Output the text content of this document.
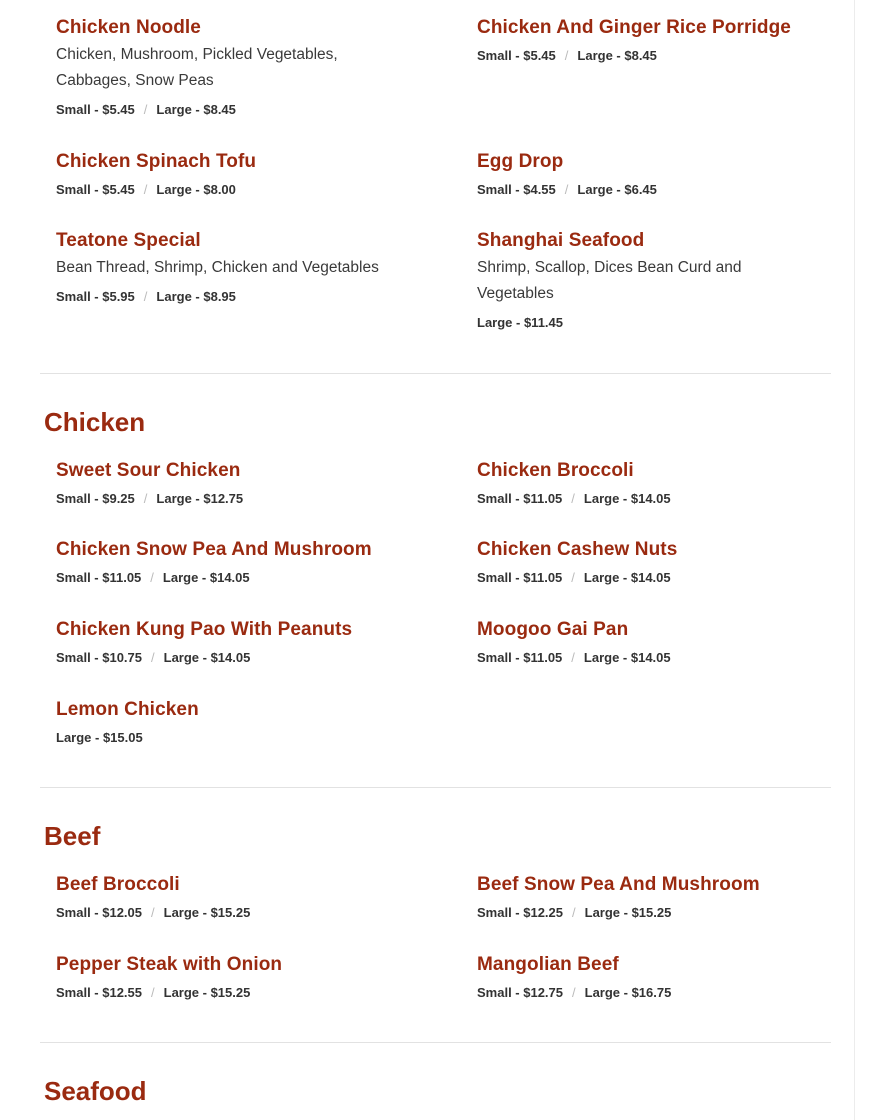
Chicken Noodle
Chicken, Mushroom, Pickled Vegetables, Cabbages, Snow Peas
Small - $5.45 / Large - $8.45
Chicken And Ginger Rice Porridge
Small - $5.45 / Large - $8.45
Chicken Spinach Tofu
Small - $5.45 / Large - $8.00
Egg Drop
Small - $4.55 / Large - $6.45
Teatone Special
Bean Thread, Shrimp, Chicken and Vegetables
Small - $5.95 / Large - $8.95
Shanghai Seafood
Shrimp, Scallop, Dices Bean Curd and Vegetables
Large - $11.45
Chicken
Sweet Sour Chicken
Small - $9.25 / Large - $12.75
Chicken Broccoli
Small - $11.05 / Large - $14.05
Chicken Snow Pea And Mushroom
Small - $11.05 / Large - $14.05
Chicken Cashew Nuts
Small - $11.05 / Large - $14.05
Chicken Kung Pao With Peanuts
Small - $10.75 / Large - $14.05
Moogoo Gai Pan
Small - $11.05 / Large - $14.05
Lemon Chicken
Large - $15.05
Beef
Beef Broccoli
Small - $12.05 / Large - $15.25
Beef Snow Pea And Mushroom
Small - $12.25 / Large - $15.25
Pepper Steak with Onion
Small - $12.55 / Large - $15.25
Mangolian Beef
Small - $12.75 / Large - $16.75
Seafood
